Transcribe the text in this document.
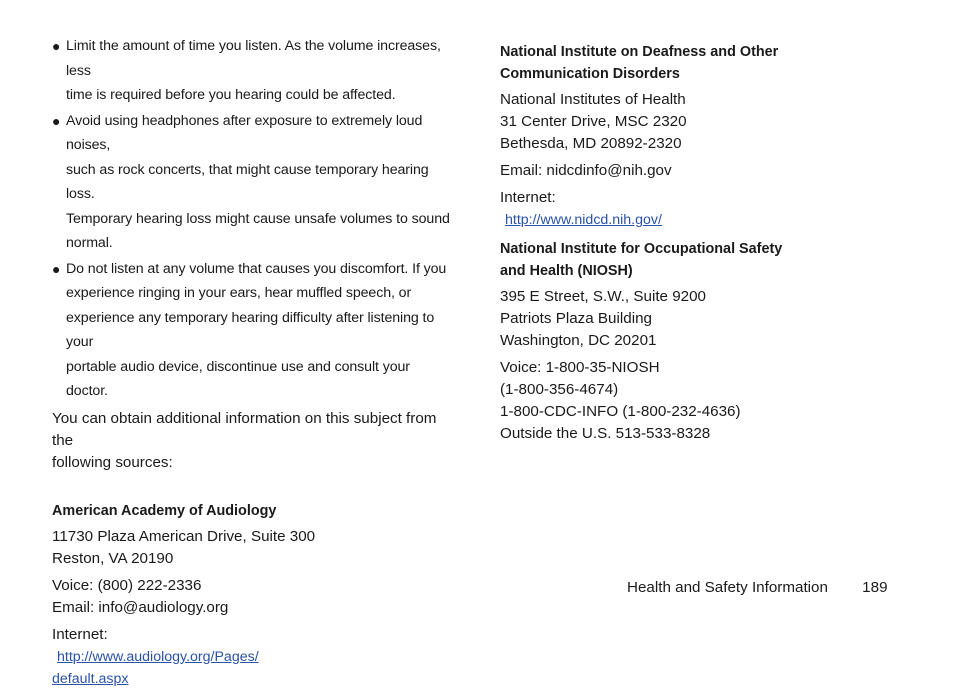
● Limit the amount of time you listen. As the volume increases, less
time is required before you hearing could be affected.
● Avoid using headphones after exposure to extremely loud noises,
such as rock concerts, that might cause temporary hearing loss.
Temporary hearing loss might cause unsafe volumes to sound
normal.
● Do not listen at any volume that causes you discomfort. If you
experience ringing in your ears, hear muffled speech, or
experience any temporary hearing difficulty after listening to your
portable audio device, discontinue use and consult your doctor.
You can obtain additional information on this subject from the
following sources:
American Academy of Audiology
11730 Plaza American Drive, Suite 300
Reston, VA 20190
Voice: (800) 222-2336
Email: info@audiology.org
Internet:
http://www.audiology.org/Pages/
default.aspx
National Institute on Deafness and Other
Communication Disorders
National Institutes of Health
31 Center Drive, MSC 2320
Bethesda, MD 20892-2320
Email: nidcdinfo@nih.gov
Internet:
http://www.nidcd.nih.gov/
National Institute for Occupational Safety
and Health (NIOSH)
395 E Street, S.W., Suite 9200
Patriots Plaza Building
Washington, DC 20201
Voice: 1-800-35-NIOSH
(1-800-356-4674)
1-800-CDC-INFO (1-800-232-4636)
Outside the U.S. 513-533-8328
Health and Safety Information 189
